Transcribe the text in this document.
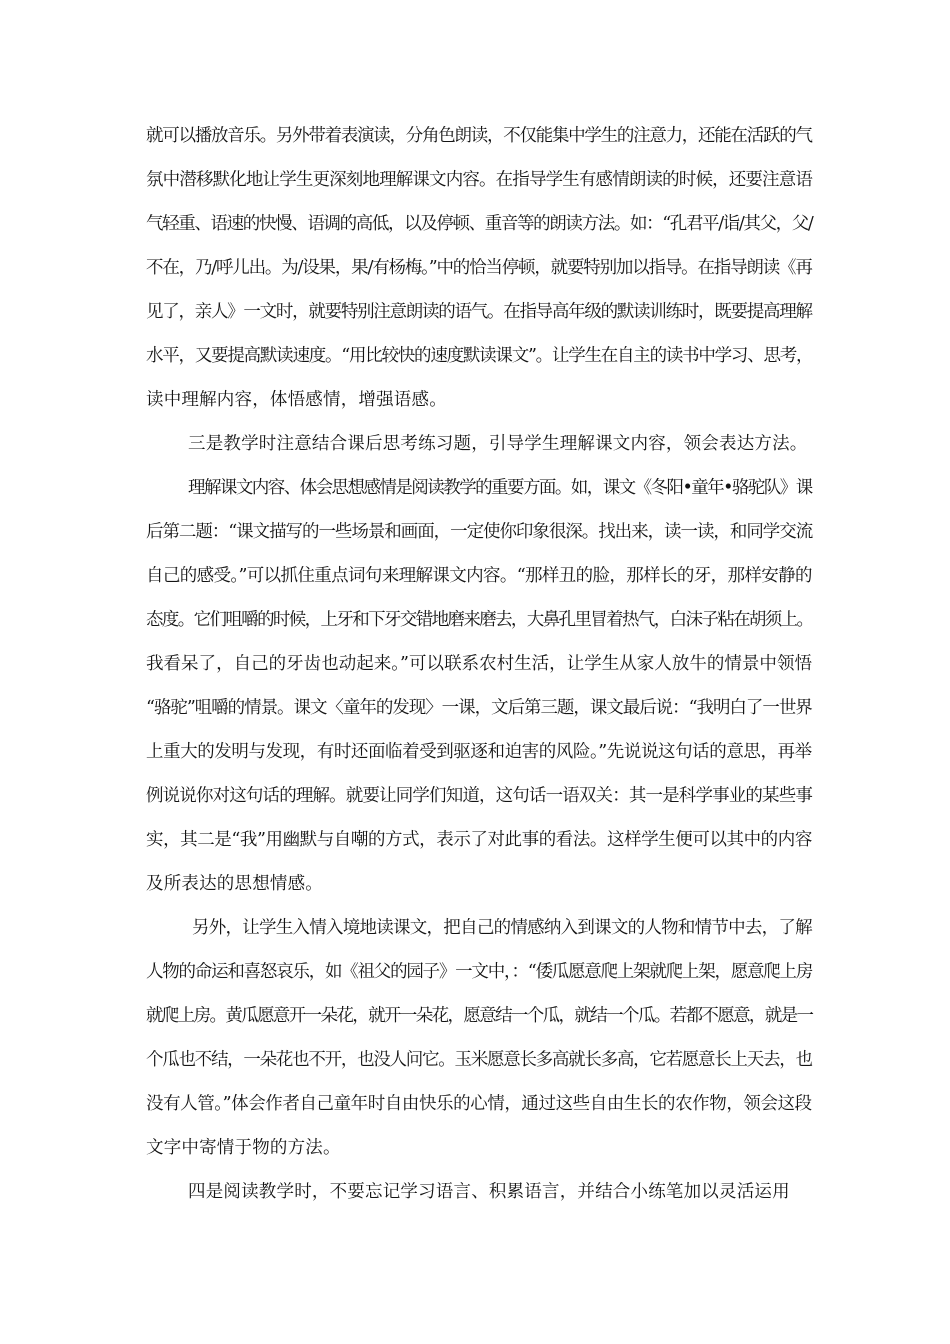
就可以播放音乐。另外带着表演读，分角色朗读，不仅能集中学生的注意力，还能在活跃的气
氛中潜移默化地让学生更深刻地理解课文内容。在指导学生有感情朗读的时候，还要注意语
气轻重、语速的快慢、语调的高低，以及停顿、重音等的朗读方法。如：“孔君平/诣/其父，父/
不在，乃/呼儿出。为/设果，果/有杨梅。”中的恰当停顿，就要特别加以指导。在指导朗读《再
见了，亲人》一文时，就要特别注意朗读的语气。在指导高年级的默读训练时，既要提高理解
水平，又要提高默读速度。“用比较快的速度默读课文”。让学生在自主的读书中学习、思考，
读中理解内容，体悟感情，增强语感。
三是教学时注意结合课后思考练习题，引导学生理解课文内容，领会表达方法。
理解课文内容、体会思想感情是阅读教学的重要方面。如，课文《冬阳•童年•骆驼队》课
后第二题：“课文描写的一些场景和画面，一定使你印象很深。找出来，读一读，和同学交流
自己的感受。”可以抓住重点词句来理解课文内容。“那样丑的脸，那样长的牙，那样安静的
态度。它们咀嚼的时候，上牙和下牙交错地磨来磨去，大鼻孔里冒着热气，白沫子粘在胡须上。
我看呆了，自己的牙齿也动起来。”可以联系农村生活，让学生从家人放牛的情景中领悟
“骆驼”咀嚼的情景。课文〈童年的发现〉一课，文后第三题，课文最后说：“我明白了一世界
上重大的发明与发现，有时还面临着受到驱逐和迫害的风险。”先说说这句话的意思，再举
例说说你对这句话的理解。就要让同学们知道，这句话一语双关：其一是科学事业的某些事
实，其二是“我”用幽默与自嘲的方式，表示了对此事的看法。这样学生便可以其中的内容
及所表达的思想情感。
另外，让学生入情入境地读课文，把自己的情感纳入到课文的人物和情节中去，了解
人物的命运和喜怒哀乐，如《祖父的园子》一文中，：“倭瓜愿意爬上架就爬上架，愿意爬上房
就爬上房。黄瓜愿意开一朵花，就开一朵花，愿意结一个瓜，就结一个瓜。若都不愿意，就是一
个瓜也不结，一朵花也不开，也没人问它。玉米愿意长多高就长多高，它若愿意长上天去，也
没有人管。”体会作者自己童年时自由快乐的心情，通过这些自由生长的农作物，领会这段
文字中寄情于物的方法。
四是阅读教学时，不要忘记学习语言、积累语言，并结合小练笔加以灵活运用
